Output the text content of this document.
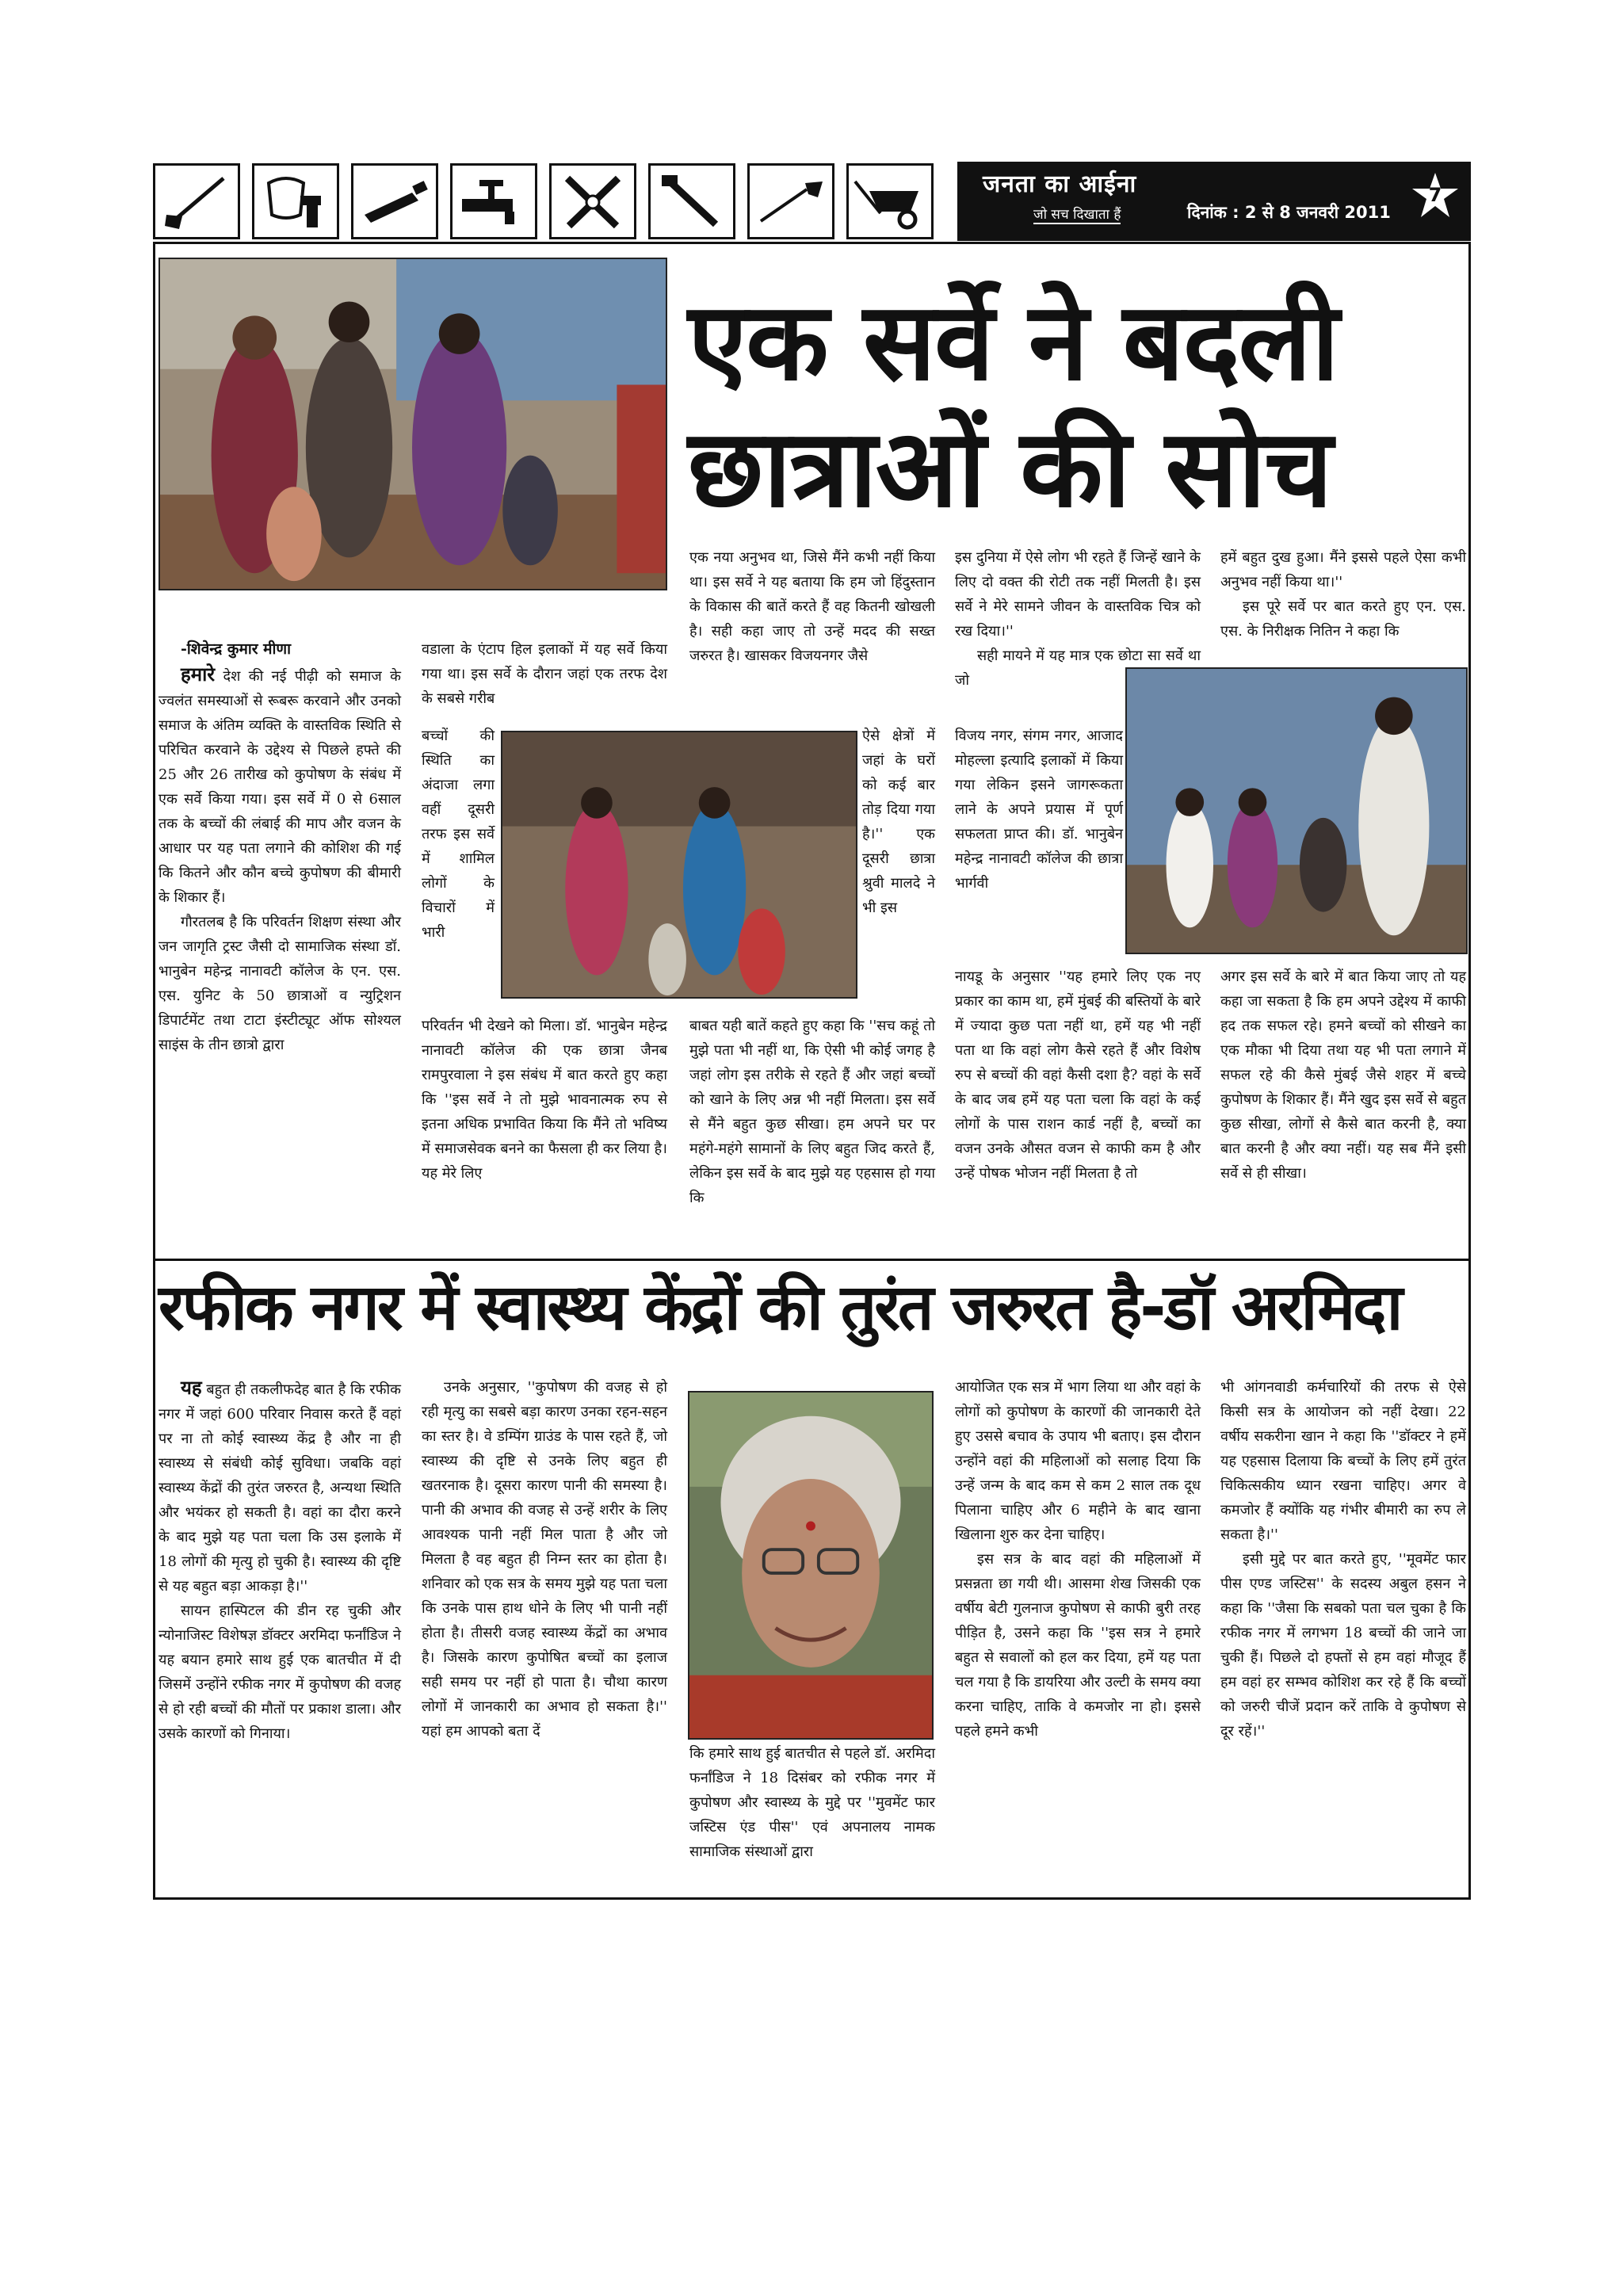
जनता का आईना
जो सच दिखाता हैं	दिनांक : 2 से 8 जनवरी 2011
7
एक सर्वे ने बदली
छात्राओं की सोच

-शिवेन्द्र कुमार मीणा

हमारे देश की नई पीढ़ी को समाज के ज्वलंत समस्याओं से रूबरू करवाने और उनको समाज के अंतिम व्यक्ति के वास्तविक स्थिति से परिचित करवाने के उद्देश्य से पिछले हफ्ते की 25 और 26 तारीख को कुपोषण के संबंध में एक सर्वे किया गया। इस सर्वे में 0 से 6साल तक के बच्चों की लंबाई की माप और वजन के आधार पर यह पता लगाने की कोशिश की गई कि कितने और कौन बच्चे कुपोषण की बीमारी के शिकार हैं।

गौरतलब है कि परिवर्तन शिक्षण संस्था और जन जागृति ट्रस्ट जैसी दो सामाजिक संस्था डॉ. भानुबेन महेन्द्र नानावटी कॉलेज के एन. एस. एस. युनिट के 50 छात्राओं व न्युट्रिशन डिपार्टमेंट तथा टाटा इंस्टीट्यूट ऑफ सोश्यल साइंस के तीन छात्रो द्वारा

वडाला के एंटाप हिल इलाकों में यह सर्वे किया गया था। इस सर्वे के दौरान जहां एक तरफ देश के सबसे गरीब

बच्चों की स्थिति का अंदाजा लगा वहीं दूसरी तरफ इस सर्वे में शामिल लोगों के विचारों में भारी

परिवर्तन भी देखने को मिला। डॉ. भानुबेन महेन्द्र नानावटी कॉलेज की एक छात्रा जैनब रामपुरवाला ने इस संबंध में बात करते हुए कहा कि ''इस सर्वे ने तो मुझे भावनात्मक रुप से इतना अधिक प्रभावित किया कि मैंने तो भविष्य में समाजसेवक बनने का फैसला ही कर लिया है। यह मेरे लिए

एक नया अनुभव था, जिसे मैंने कभी नहीं किया था। इस सर्वे ने यह बताया कि हम जो हिंदुस्तान के विकास की बातें करते हैं वह कितनी खोखली है। सही कहा जाए तो उन्हें मदद की सख्त जरुरत है। खासकर विजयनगर जैसे

ऐसे क्षेत्रों में जहां के घरों को कई बार तोड़ दिया गया है।'' एक दूसरी छात्रा श्रुवी मालदे ने भी इस

बाबत यही बातें कहते हुए कहा कि ''सच कहूं तो मुझे पता भी नहीं था, कि ऐसी भी कोई जगह है जहां लोग इस तरीके से रहते हैं और जहां बच्चों को खाने के लिए अन्न भी नहीं मिलता। इस सर्वे से मैंने बहुत कुछ सीखा। हम अपने घर पर महंगे-महंगे सामानों के लिए बहुत जिद करते हैं, लेकिन इस सर्वे के बाद मुझे यह एहसास हो गया कि

इस दुनिया में ऐसे लोग भी रहते हैं जिन्हें खाने के लिए दो वक्त की रोटी तक नहीं मिलती है। इस सर्वे ने मेरे सामने जीवन के वास्तविक चित्र को रख दिया।''

सही मायने में यह मात्र एक छोटा सा सर्वे था जो

विजय नगर, संगम नगर, आजाद मोहल्ला इत्यादि इलाकों में किया गया लेकिन इसने जागरूकता लाने के अपने प्रयास में पूर्ण सफलता प्राप्त की। डॉ. भानुबेन महेन्द्र नानावटी कॉलेज की छात्रा भार्गवी

नायडू के अनुसार ''यह हमारे लिए एक नए प्रकार का काम था, हमें मुंबई की बस्तियों के बारे में ज्यादा कुछ पता नहीं था, हमें यह भी नहीं पता था कि वहां लोग कैसे रहते हैं और विशेष रुप से बच्चों की वहां कैसी दशा है? वहां के सर्वे के बाद जब हमें यह पता चला कि वहां के कई लोगों के पास राशन कार्ड नहीं है, बच्चों का वजन उनके औसत वजन से काफी कम है और उन्हें पोषक भोजन नहीं मिलता है तो

हमें बहुत दुख हुआ। मैंने इससे पहले ऐसा कभी अनुभव नहीं किया था।''

इस पूरे सर्वे पर बात करते हुए एन. एस. एस. के निरीक्षक नितिन ने कहा कि

अगर इस सर्वे के बारे में बात किया जाए तो यह कहा जा सकता है कि हम अपने उद्देश्य में काफी हद तक सफल रहे। हमने बच्चों को सीखने का एक मौका भी दिया तथा यह भी पता लगाने में सफल रहे की कैसे मुंबई जैसे शहर में बच्चे कुपोषण के शिकार हैं। मैंने खुद इस सर्वे से बहुत कुछ सीखा, लोगों से कैसे बात करनी है, क्या बात करनी है और क्या नहीं। यह सब मैंने इसी सर्वे से ही सीखा।

रफीक नगर में स्वास्थ्य केंद्रों की तुरंत जरुरत है-डॉ अरमिदा

यह बहुत ही तकलीफदेह बात है कि रफीक नगर में जहां 600 परिवार निवास करते हैं वहां पर ना तो कोई स्वास्थ्य केंद्र है और ना ही स्वास्थ्य से संबंधी कोई सुविधा। जबकि वहां स्वास्थ्य केंद्रों की तुरंत जरुरत है, अन्यथा स्थिति और भयंकर हो सकती है। वहां का दौरा करने के बाद मुझे यह पता चला कि उस इलाके में 18 लोगों की मृत्यु हो चुकी है। स्वास्थ्य की दृष्टि से यह बहुत बड़ा आकड़ा है।''

सायन हास्पिटल की डीन रह चुकी और न्योनाजिस्ट विशेषज्ञ डॉक्टर अरमिदा फर्नांडिज ने यह बयान हमारे साथ हुई एक बातचीत में दी जिसमें उन्होंने रफीक नगर में कुपोषण की वजह से हो रही बच्चों की मौतों पर प्रकाश डाला। और उसके कारणों को गिनाया।

उनके अनुसार, ''कुपोषण की वजह से हो रही मृत्यु का सबसे बड़ा कारण उनका रहन-सहन का स्तर है। वे डम्पिंग ग्राउंड के पास रहते हैं, जो स्वास्थ्य की दृष्टि से उनके लिए बहुत ही खतरनाक है। दूसरा कारण पानी की समस्या है। पानी की अभाव की वजह से उन्हें शरीर के लिए आवश्यक पानी नहीं मिल पाता है और जो मिलता है वह बहुत ही निम्न स्तर का होता है। शनिवार को एक सत्र के समय मुझे यह पता चला कि उनके पास हाथ धोने के लिए भी पानी नहीं होता है। तीसरी वजह स्वास्थ्य केंद्रों का अभाव है। जिसके कारण कुपोषित बच्चों का इलाज सही समय पर नहीं हो पाता है। चौथा कारण लोगों में जानकारी का अभाव हो सकता है।'' यहां हम आपको बता दें

कि हमारे साथ हुई बातचीत से पहले डॉ. अरमिदा फर्नांडिज ने 18 दिसंबर को रफीक नगर में कुपोषण और स्वास्थ्य के मुद्दे पर ''मुवमेंट फार जस्टिस एंड पीस'' एवं अपनालय नामक सामाजिक संस्थाओं द्वारा

आयोजित एक सत्र में भाग लिया था और वहां के लोगों को कुपोषण के कारणों की जानकारी देते हुए उससे बचाव के उपाय भी बताए। इस दौरान उन्होंने वहां की महिलाओं को सलाह दिया कि उन्हें जन्म के बाद कम से कम 2 साल तक दूध पिलाना चाहिए और 6 महीने के बाद खाना खिलाना शुरु कर देना चाहिए।

इस सत्र के बाद वहां की महिलाओं में प्रसन्नता छा गयी थी। आसमा शेख जिसकी एक वर्षीय बेटी गुलनाज कुपोषण से काफी बुरी तरह पीड़ित है, उसने कहा कि ''इस सत्र ने हमारे बहुत से सवालों को हल कर दिया, हमें यह पता चल गया है कि डायरिया और उल्टी के समय क्या करना चाहिए, ताकि वे कमजोर ना हो। इससे पहले हमने कभी

भी आंगनवाडी कर्मचारियों की तरफ से ऐसे किसी सत्र के आयोजन को नहीं देखा। 22 वर्षीय सकरीना खान ने कहा कि ''डॉक्टर ने हमें यह एहसास दिलाया कि बच्चों के लिए हमें तुरंत चिकित्सकीय ध्यान रखना चाहिए। अगर वे कमजोर हैं क्योंकि यह गंभीर बीमारी का रुप ले सकता है।''

इसी मुद्दे पर बात करते हुए, ''मूवमेंट फार पीस एण्ड जस्टिस'' के सदस्य अबुल हसन ने कहा कि ''जैसा कि सबको पता चल चुका है कि रफीक नगर में लगभग 18 बच्चों की जाने जा चुकी हैं। पिछले दो हफ्तों से हम वहां मौजूद हैं हम वहां हर सम्भव कोशिश कर रहे हैं कि बच्चों को जरुरी चीजें प्रदान करें ताकि वे कुपोषण से दूर रहें।''
